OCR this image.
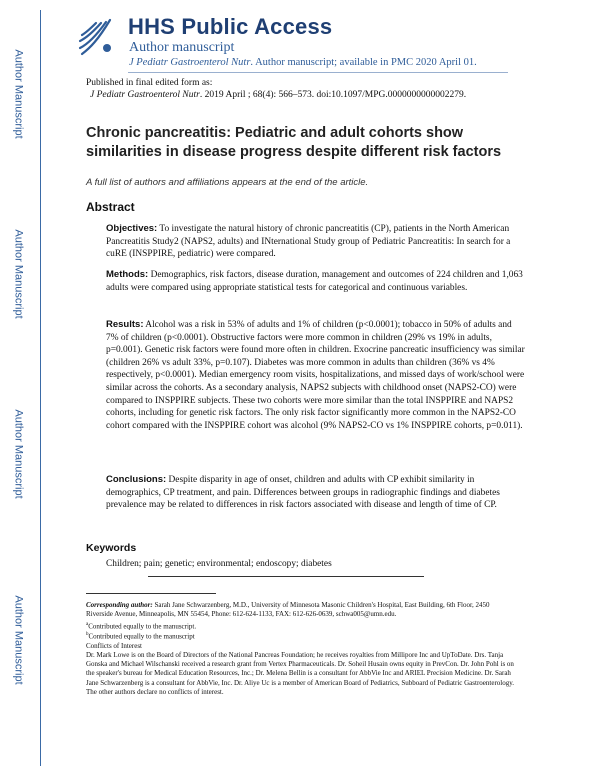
Author Manuscript
Author Manuscript
Author Manuscript
Author Manuscript
HHS Public Access
Author manuscript
J Pediatr Gastroenterol Nutr. Author manuscript; available in PMC 2020 April 01.
Published in final edited form as:
J Pediatr Gastroenterol Nutr. 2019 April ; 68(4): 566–573. doi:10.1097/MPG.0000000000002279.
Chronic pancreatitis: Pediatric and adult cohorts show
similarities in disease progress despite different risk factors
A full list of authors and affiliations appears at the end of the article.
Abstract
Objectives: To investigate the natural history of chronic pancreatitis (CP), patients in the North American Pancreatitis Study2 (NAPS2, adults) and INternational Study group of Pediatric Pancreatitis: In search for a cuRE (INSPPIRE, pediatric) were compared.
Methods: Demographics, risk factors, disease duration, management and outcomes of 224 children and 1,063 adults were compared using appropriate statistical tests for categorical and continuous variables.
Results: Alcohol was a risk in 53% of adults and 1% of children (p<0.0001); tobacco in 50% of adults and 7% of children (p<0.0001). Obstructive factors were more common in children (29% vs 19% in adults, p=0.001). Genetic risk factors were found more often in children. Exocrine pancreatic insufficiency was similar (children 26% vs adult 33%, p=0.107). Diabetes was more common in adults than children (36% vs 4% respectively, p<0.0001). Median emergency room visits, hospitalizations, and missed days of work/school were similar across the cohorts. As a secondary analysis, NAPS2 subjects with childhood onset (NAPS2-CO) were compared to INSPPIRE subjects. These two cohorts were more similar than the total INSPPIRE and NAPS2 cohorts, including for genetic risk factors. The only risk factor significantly more common in the NAPS2-CO cohort compared with the INSPPIRE cohort was alcohol (9% NAPS2-CO vs 1% INSPPIRE cohorts, p=0.011).
Conclusions: Despite disparity in age of onset, children and adults with CP exhibit similarity in demographics, CP treatment, and pain. Differences between groups in radiographic findings and diabetes prevalence may be related to differences in risk factors associated with disease and length of time of CP.
Keywords
Children; pain; genetic; environmental; endoscopy; diabetes
Corresponding author: Sarah Jane Schwarzenberg, M.D., University of Minnesota Masonic Children's Hospital, East Building, 6th Floor, 2450 Riverside Avenue, Minneapolis, MN 55454, Phone: 612-624-1133, FAX: 612-626-0639, schwa005@umn.edu.
$^a$Contributed equally to the manuscript.
$^b$Contributed equally to the manuscript
Conflicts of Interest
Dr. Mark Lowe is on the Board of Directors of the National Pancreas Foundation; he receives royalties from Millipore Inc and UpToDate. Drs. Tanja Gonska and Michael Wilschanski received a research grant from Vertex Pharmaceuticals. Dr. Soheil Husain owns equity in PrevCon. Dr. John Pohl is on the speaker's bureau for Medical Education Resources, Inc.; Dr. Melena Bellin is a consultant for AbbVie Inc and ARIEL Precision Medicine. Dr. Sarah Jane Schwarzenberg is a consultant for AbbVie, Inc. Dr. Aliye Uc is a member of American Board of Pediatrics, Subboard of Pediatric Gastroenterology. The other authors declare no conflicts of interest.
